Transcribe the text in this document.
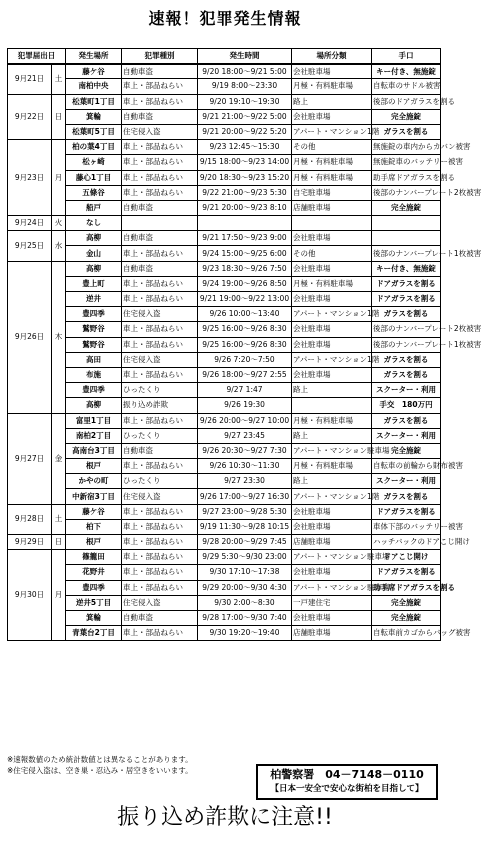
速報！犯罪発生情報
犯罪届出日		発生場所	犯罪種別	発生時間	場所分類	手口
9月21日	土	藤ケ谷	自動車盗	9/20 18:00～9/21 5:00	会社駐車場	キー付き、無施錠
		南柏中央	車上・部品ねらい	9/19 8:00～23:30	月極・有料駐車場	自転車のサドル被害
9月22日	日	松葉町1丁目	車上・部品ねらい	9/20 19:10～19:30	路上	後部のドアガラスを割る
		箕輪	自動車盗	9/21 21:00～9/22 5:00	会社駐車場	完全施錠
		松葉町5丁目	住宅侵入盗	9/21 20:00～9/22 5:20	アパート・マンション1階	ガラスを割る
9月23日	月	柏の葉4丁目	車上・部品ねらい	9/23 12:45～15:30	その他	無施錠の車内からカバン被害
		松ヶ崎	車上・部品ねらい	9/15 18:00～9/23 14:00	月極・有料駐車場	無施錠車のバッテリー被害
		藤心1丁目	車上・部品ねらい	9/20 18:30～9/23 15:20	月極・有料駐車場	助手席ドアガラスを割る
		五條谷	車上・部品ねらい	9/22 21:00～9/23 5:30	自宅駐車場	後部のナンバープレート2枚被害
		船戸	自動車盗	9/21 20:00～9/23 8:10	店舗駐車場	完全施錠
9月24日	火	なし				
9月25日	水	高柳	自動車盗	9/21 17:50～9/23 9:00	会社駐車場	
		金山	車上・部品ねらい	9/24 15:00～9/25 6:00	その他	後部のナンバープレート1枚被害
9月26日	木	高柳	自動車盗	9/23 18:30～9/26 7:50	会社駐車場	キー付き、無施錠
		豊上町	車上・部品ねらい	9/24 19:00～9/26 8:50	月極・有料駐車場	ドアガラスを割る
		逆井	車上・部品ねらい	9/21 19:00～9/22 13:00	会社駐車場	ドアガラスを割る
		豊四季	住宅侵入盗	9/26 10:00～13:40	アパート・マンション1階	ガラスを割る
		鷲野谷	車上・部品ねらい	9/25 16:00～9/26 8:30	会社駐車場	後部のナンバープレート2枚被害
		鷲野谷	車上・部品ねらい	9/25 16:00～9/26 8:30	会社駐車場	後部のナンバープレート1枚被害
		高田	住宅侵入盗	9/26 7:20～7:50	アパート・マンション1階	ガラスを割る
		布施	車上・部品ねらい	9/26 18:00～9/27 2:55	会社駐車場	ガラスを割る
		豊四季	ひったくり	9/27 1:47	路上	スクーター・利用
		高柳	振り込め詐欺	9/26 19:30		手交　180万円
9月27日	金	富里1丁目	車上・部品ねらい	9/26 20:00～9/27 10:00	月極・有料駐車場	ガラスを割る
		南柏2丁目	ひったくり	9/27 23:45	路上	スクーター・利用
		高南台3丁目	自動車盗	9/26 20:30～9/27 7:30	アパート・マンション駐車場	完全施錠
		根戸	車上・部品ねらい	9/26 10:30～11:30	月極・有料駐車場	自転車の前輪から財布被害
		かやの町	ひったくり	9/27 23:30	路上	スクーター・利用
		中新宿3丁目	住宅侵入盗	9/26 17:00～9/27 16:30	アパート・マンション1階	ガラスを割る
9月28日	土	藤ケ谷	車上・部品ねらい	9/27 23:00～9/28 5:30	会社駐車場	ドアガラスを割る
		柏下	車上・部品ねらい	9/19 11:30～9/28 10:15	会社駐車場	車体下部のバッテリー被害
9月29日	日	根戸	車上・部品ねらい	9/28 20:00～9/29 7:45	店舗駐車場	ハッチバックのドアこじ開け
9月30日	月	篠籠田	車上・部品ねらい	9/29 5:30～9/30 23:00	アパート・マンション駐車場	ドアこじ開け
		花野井	車上・部品ねらい	9/30 17:10～17:38	会社駐車場	ドアガラスを割る
		豊四季	車上・部品ねらい	9/29 20:00～9/30 4:30	アパート・マンション駐車場	助手席ドアガラスを割る
		逆井5丁目	住宅侵入盗	9/30 2:00～8:30	一戸建住宅	完全施錠
		箕輪	自動車盗	9/28 17:00～9/30 7:40	会社駐車場	完全施錠
		青葉台2丁目	車上・部品ねらい	9/30 19:20～19:40	店舗駐車場	自転車前カゴからバッグ被害
※速報数値のため統計数値とは異なることがあります。
※住宅侵入盗は、空き巣・忍込み・居空きをいいます。	柏警察署　04－7148－0110
【日本一安全で安心な街柏を目指して】
振り込め詐欺に注意!!
